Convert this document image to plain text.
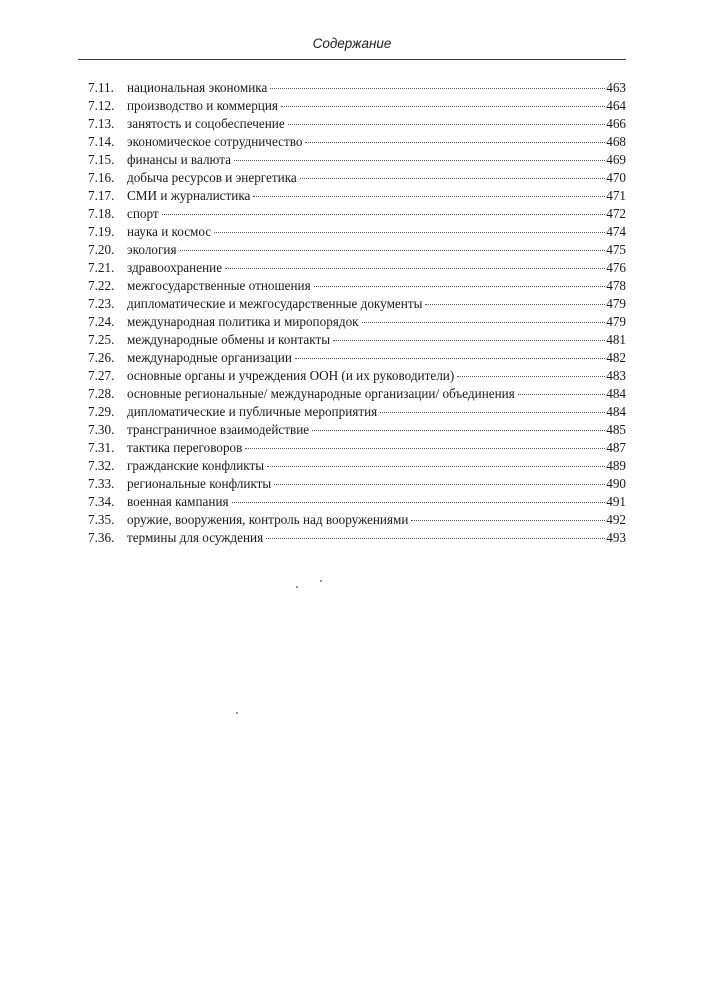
Содержание
7.11. национальная экономика	463
7.12. производство и коммерция	464
7.13. занятость и соцобеспечение	466
7.14. экономическое сотрудничество	468
7.15. финансы и валюта	469
7.16. добыча ресурсов и энергетика	470
7.17. СМИ и журналистика	471
7.18. спорт	472
7.19. наука и космос	474
7.20. экология	475
7.21. здравоохранение	476
7.22. межгосударственные отношения	478
7.23. дипломатические и межгосударственные документы	479
7.24. международная политика и миропорядок	479
7.25. международные обмены и контакты	481
7.26. международные организации	482
7.27. основные органы и учреждения ООН (и их руководители)	483
7.28. основные региональные/ международные организации/ объединения	484
7.29. дипломатические и публичные мероприятия	484
7.30. трансграничное взаимодействие	485
7.31. тактика переговоров	487
7.32. гражданские конфликты	489
7.33. региональные конфликты	490
7.34. военная кампания	491
7.35. оружие, вооружения, контроль над вооружениями	492
7.36. термины для осуждения	493
